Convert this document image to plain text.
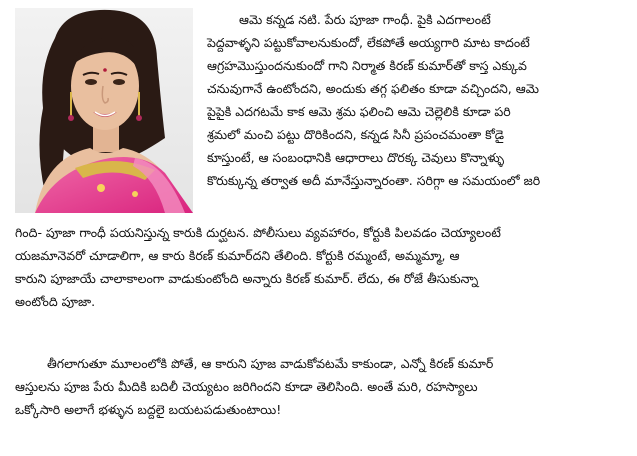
ఆమె కన్నడ నటి. పేరు పూజా గాంధీ. పైకి ఎదగాలంటే
పెద్దవాళ్ళని పట్టుకోవాలనుకుందో, లేకపోతే అయ్యగారి మాట కాదంటే
ఆగ్రహమొస్తుందనుకుందో గాని నిర్మాత కిరణ్ కుమార్‌తో కాస్త ఎక్కువ
చనువుగానే ఉంటోందని, అందుకు తగ్గ ఫలితం కూడా వచ్చిందని, ఆమె
పైపైకి ఎదగటమే కాక ఆమె శ్రమ ఫలించి ఆమె చెల్లెలికి కూడా పరి
శ్రమలో మంచి పట్టు దొరికిందని, కన్నడ సినీ ప్రపంచమంతా కోడై
కూస్తుంటే, ఆ సంబంధానికి ఆధారాలు దొరక్క చెవులు కొన్నాళ్ళు
కొరుక్కున్న తర్వాత అదీ మానేస్తున్నారంతా. సరిగ్గా ఆ సమయంలో జరి
గింది- పూజా గాంధీ పయనిస్తున్న కారుకి దుర్ఘటన. పోలీసులు వ్యవహారం, కోర్టుకి పిలవడం చెయ్యాలంటే
యజమానెవరో చూడాలిగా, ఆ కారు కిరణ్ కుమార్‌దని తేలింది. కోర్టుకి రమ్మంటే, అమ్మమ్మా, ఆ
కారుని పూజాయే చాలాకాలంగా వాడుకుంటోంది అన్నారు కిరణ్ కుమార్. లేదు, ఈ రోజే తీసుకున్నా
అంటోంది పూజా.
తీగలాగుతూ మూలంలోకి పోతే, ఆ కారుని పూజ వాడుకోవటమే కాకుండా, ఎన్నో కిరణ్ కుమార్
ఆస్తులను పూజ పేరు మీదికి బదిలీ చెయ్యటం జరిగిందని కూడా తెలిసింది. అంతే మరి, రహస్యాలు
ఒక్కోసారి అలాగే భళ్ళున బద్దలై బయటపడుతుంటాయి!
